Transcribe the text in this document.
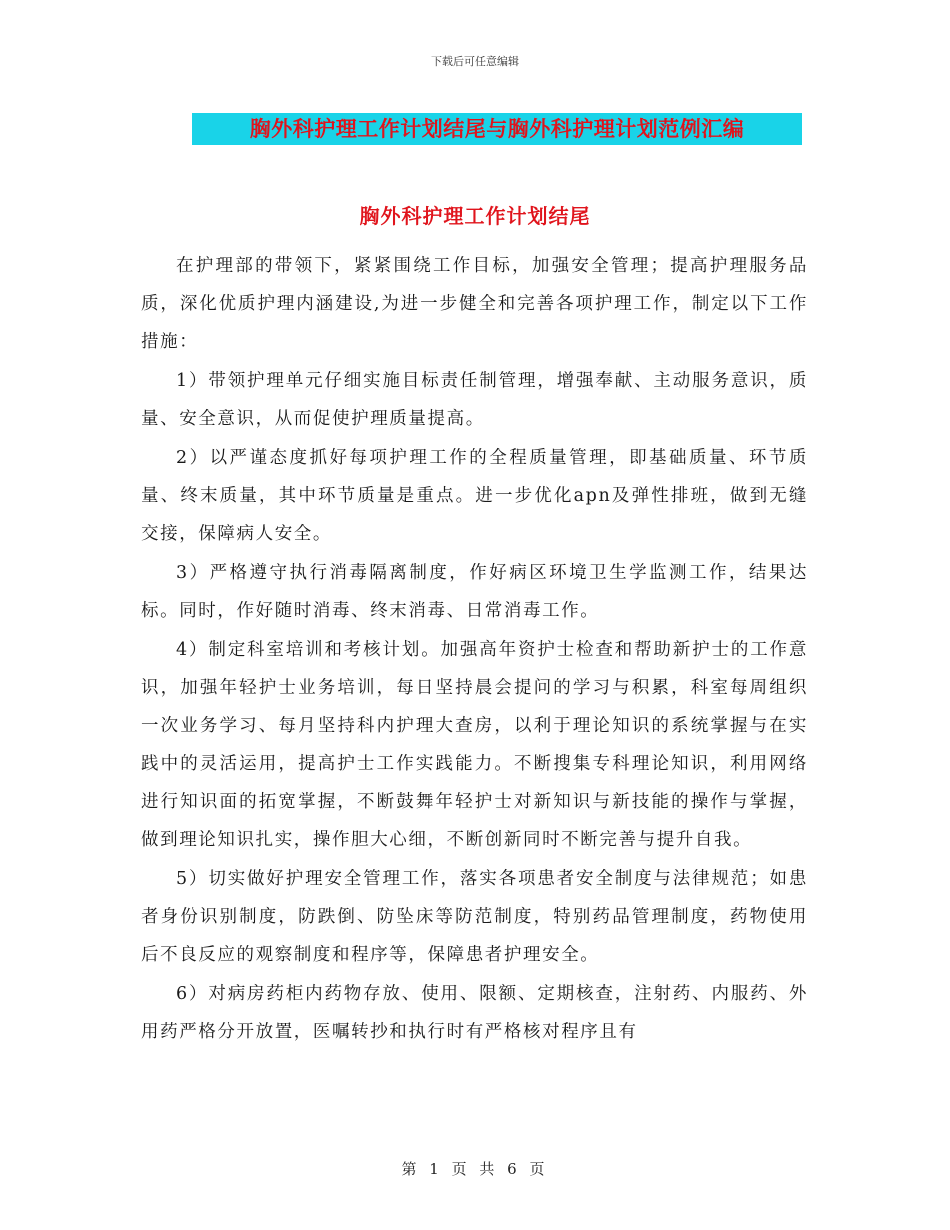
下载后可任意编辑
胸外科护理工作计划结尾与胸外科护理计划范例汇编
胸外科护理工作计划结尾

在护理部的带领下，紧紧围绕工作目标，加强安全管理；提高护理服务品质，深化优质护理内涵建设,为进一步健全和完善各项护理工作，制定以下工作措施：

1）带领护理单元仔细实施目标责任制管理，增强奉献、主动服务意识，质量、安全意识，从而促使护理质量提高。

2）以严谨态度抓好每项护理工作的全程质量管理，即基础质量、环节质量、终末质量，其中环节质量是重点。进一步优化apn及弹性排班，做到无缝交接，保障病人安全。

3）严格遵守执行消毒隔离制度，作好病区环境卫生学监测工作，结果达标。同时，作好随时消毒、终末消毒、日常消毒工作。

4）制定科室培训和考核计划。加强高年资护士检查和帮助新护士的工作意识，加强年轻护士业务培训，每日坚持晨会提问的学习与积累，科室每周组织一次业务学习、每月坚持科内护理大查房，以利于理论知识的系统掌握与在实践中的灵活运用，提高护士工作实践能力。不断搜集专科理论知识，利用网络进行知识面的拓宽掌握，不断鼓舞年轻护士对新知识与新技能的操作与掌握，做到理论知识扎实，操作胆大心细，不断创新同时不断完善与提升自我。

5）切实做好护理安全管理工作，落实各项患者安全制度与法律规范；如患者身份识别制度，防跌倒、防坠床等防范制度，特别药品管理制度，药物使用后不良反应的观察制度和程序等，保障患者护理安全。

6）对病房药柜内药物存放、使用、限额、定期核查，注射药、内服药、外用药严格分开放置，医嘱转抄和执行时有严格核对程序且有

第 1 页 共 6 页
